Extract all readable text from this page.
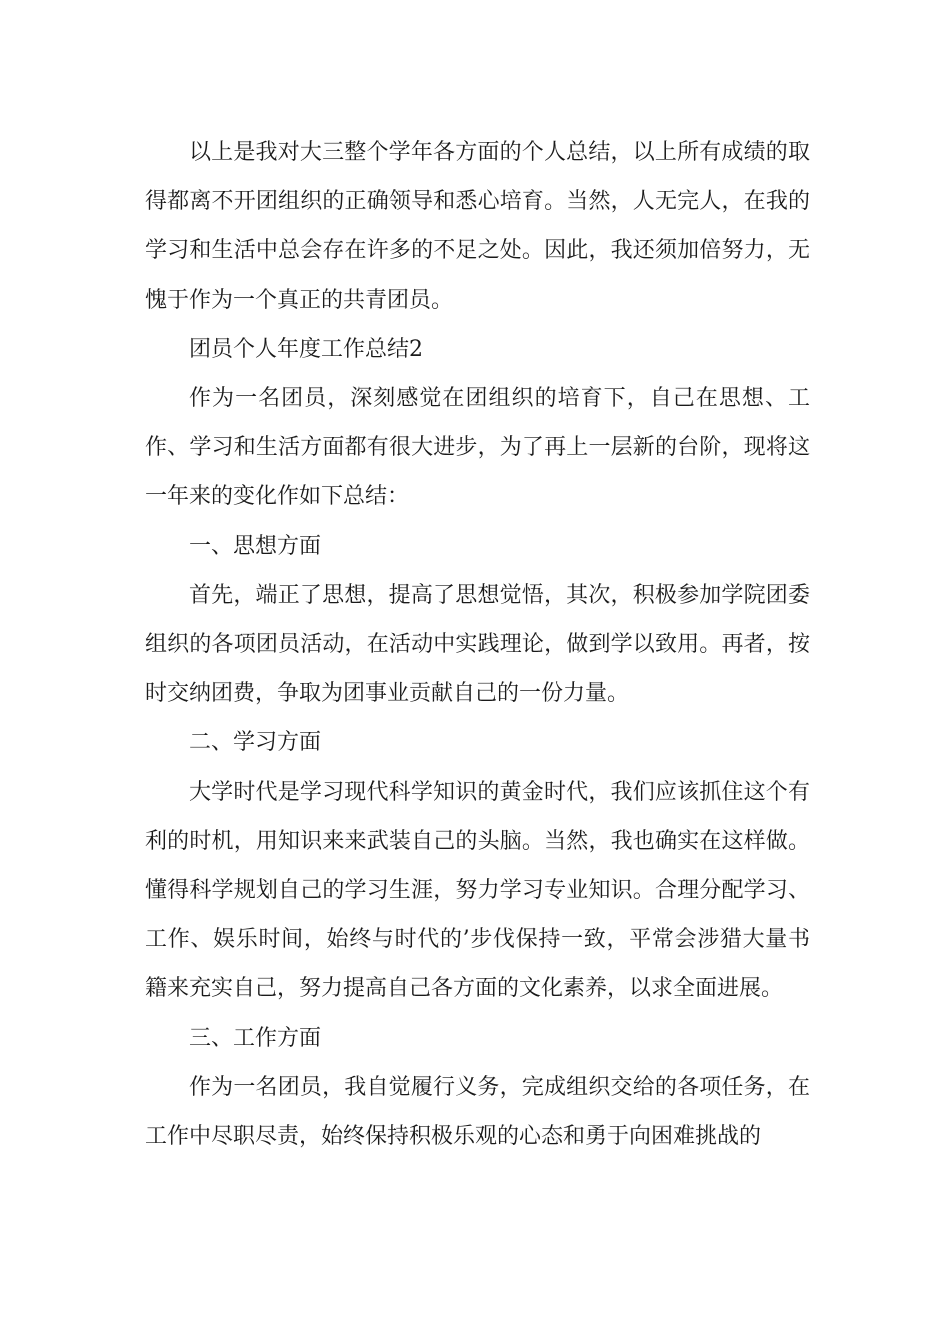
以上是我对大三整个学年各方面的个人总结，以上所有成绩的取得都离不开团组织的正确领导和悉心培育。当然，人无完人，在我的学习和生活中总会存在许多的不足之处。因此，我还须加倍努力，无愧于作为一个真正的共青团员。

团员个人年度工作总结2

作为一名团员，深刻感觉在团组织的培育下，自己在思想、工作、学习和生活方面都有很大进步，为了再上一层新的台阶，现将这一年来的变化作如下总结：

一、思想方面

首先，端正了思想，提高了思想觉悟，其次，积极参加学院团委组织的各项团员活动，在活动中实践理论，做到学以致用。再者，按时交纳团费，争取为团事业贡献自己的一份力量。

二、学习方面

大学时代是学习现代科学知识的黄金时代，我们应该抓住这个有利的时机，用知识来来武装自己的头脑。当然，我也确实在这样做。懂得科学规划自己的学习生涯，努力学习专业知识。合理分配学习、工作、娱乐时间，始终与时代的’步伐保持一致，平常会涉猎大量书籍来充实自己，努力提高自己各方面的文化素养，以求全面进展。

三、工作方面

作为一名团员，我自觉履行义务，完成组织交给的各项任务，在工作中尽职尽责，始终保持积极乐观的心态和勇于向困难挑战的
